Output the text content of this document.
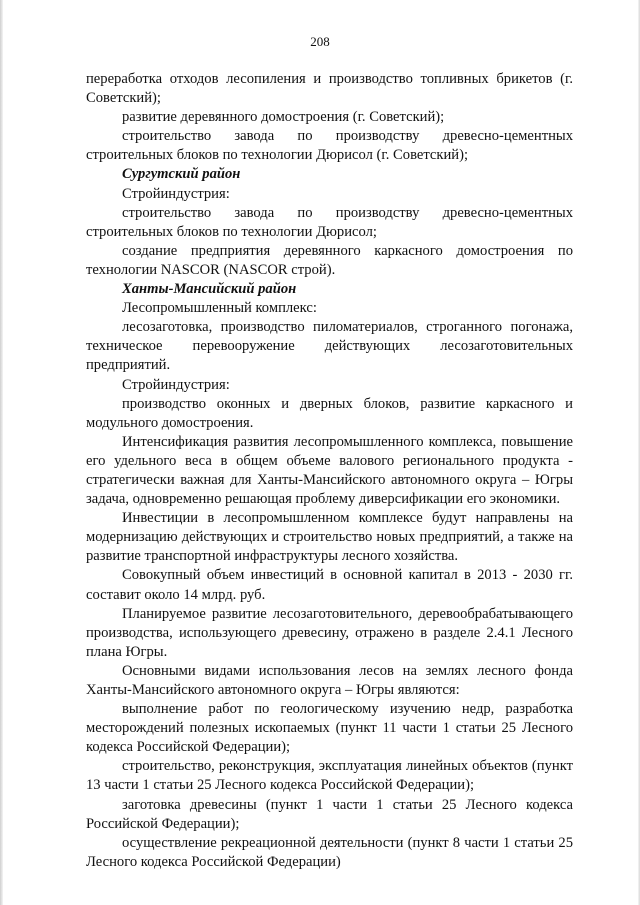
208

переработка отходов лесопиления и производство топливных брикетов (г. Советский);

развитие деревянного домостроения (г. Советский);

строительство завода по производству древесно-цементных строительных блоков по технологии Дюрисол (г. Советский);

Сургутский район

Стройиндустрия:

строительство завода по производству древесно-цементных строительных блоков по технологии Дюрисол;

создание предприятия деревянного каркасного домостроения по технологии NASCOR (NASCOR строй).

Ханты-Мансийский район

Лесопромышленный комплекс:

лесозаготовка, производство пиломатериалов, строганного погонажа, техническое перевооружение действующих лесозаготовительных предприятий.

Стройиндустрия:

производство оконных и дверных блоков, развитие каркасного и модульного домостроения.

Интенсификация развития лесопромышленного комплекса, повышение его удельного веса в общем объеме валового регионального продукта - стратегически важная для Ханты-Мансийского автономного округа – Югры задача, одновременно решающая проблему диверсификации его экономики.

Инвестиции в лесопромышленном комплексе будут направлены на модернизацию действующих и строительство новых предприятий, а также на развитие транспортной инфраструктуры лесного хозяйства.

Совокупный объем инвестиций в основной капитал в 2013 - 2030 гг. составит около 14 млрд. руб.

Планируемое развитие лесозаготовительного, деревообрабатывающего производства, использующего древесину, отражено в разделе 2.4.1 Лесного плана Югры.

Основными видами использования лесов на землях лесного фонда Ханты-Мансийского автономного округа – Югры являются:

выполнение работ по геологическому изучению недр, разработка месторождений полезных ископаемых (пункт 11 части 1 статьи 25 Лесного кодекса Российской Федерации);

строительство, реконструкция, эксплуатация линейных объектов (пункт 13 части 1 статьи 25 Лесного кодекса Российской Федерации);

заготовка древесины (пункт 1 части 1 статьи 25 Лесного кодекса Российской Федерации);

осуществление рекреационной деятельности (пункт 8 части 1 статьи 25 Лесного кодекса Российской Федерации)
